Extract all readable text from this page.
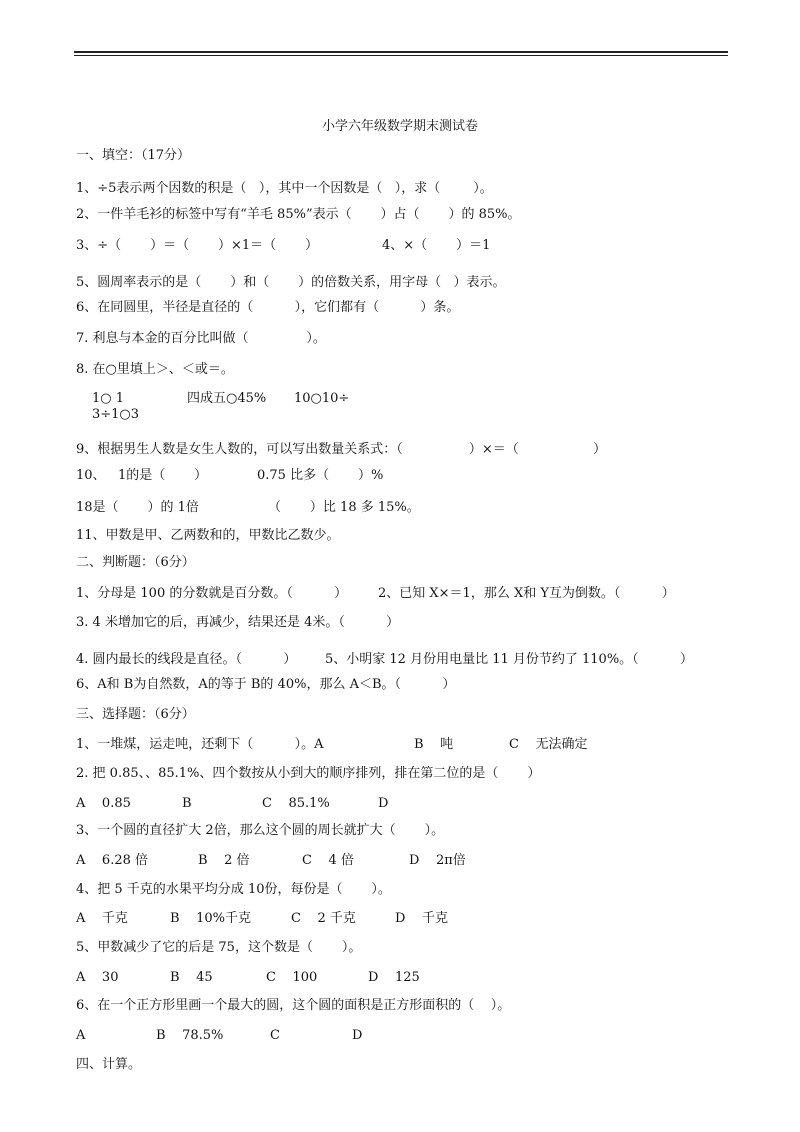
小学六年级数学期末测试卷
一、填空：（17分）
1、÷5表示两个因数的积是（   ），其中一个因数是（   ），求（        ）。
2、一件羊毛衫的标签中写有“羊毛 85%”表示（       ）占（       ）的 85%。
3、÷（       ）＝（       ）×1＝（       ）	4、×（       ）＝1
5、圆周率表示的是（       ）和（       ）的倍数关系，用字母（   ）表示。
6、在同圆里，半径是直径的（          ），它们都有（          ）条。
7. 利息与本金的百分比叫做（              ）。
8. 在○里填上＞、＜或＝。
1○ 1	四成五○45% 10○10÷
3÷1○3
9、根据男生人数是女生人数的，可以写出数量关系式：（                ）×＝（                  ）
10、   1的是（       ）	0.75 比多（       ）%
18是（       ）的 1倍	（       ）比 18 多 15%。
11、甲数是甲、乙两数和的，甲数比乙数少。
二、判断题：（6分）
1、分母是 100 的分数就是百分数。（          ） 2、已知 X×＝1，那么 X和 Y互为倒数。（          ）
3. 4 米增加它的后，再减少，结果还是 4米。（          ）
4. 圆内最长的线段是直径。（          ） 5、小明家 12 月份用电量比 11 月份节约了 110%。（          ）
6、A和 B为自然数，A的等于 B的 40%，那么 A＜B。（          ）
三、选择题：（6分）
1、一堆煤，运走吨，还剩下（          ）。A	B    吨	C    无法确定
2. 把 0.85、、85.1%、四个数按从小到大的顺序排列，排在第二位的是（       ）
A    0.85	B	C    85.1%	D
3、一个圆的直径扩大 2倍，那么这个圆的周长就扩大（       ）。
A    6.28 倍	B    2 倍	C    4 倍	D    2π倍
4、把 5 千克的水果平均分成 10份，每份是（       ）。
A    千克	B    10%千克	C    2 千克	D    千克
5、甲数减少了它的后是 75，这个数是（       ）。
A    30	B    45	C    100	D    125
6、在一个正方形里画一个最大的圆，这个圆的面积是正方形面积的（    ）。
A	B    78.5%	C	D
四、计算。
